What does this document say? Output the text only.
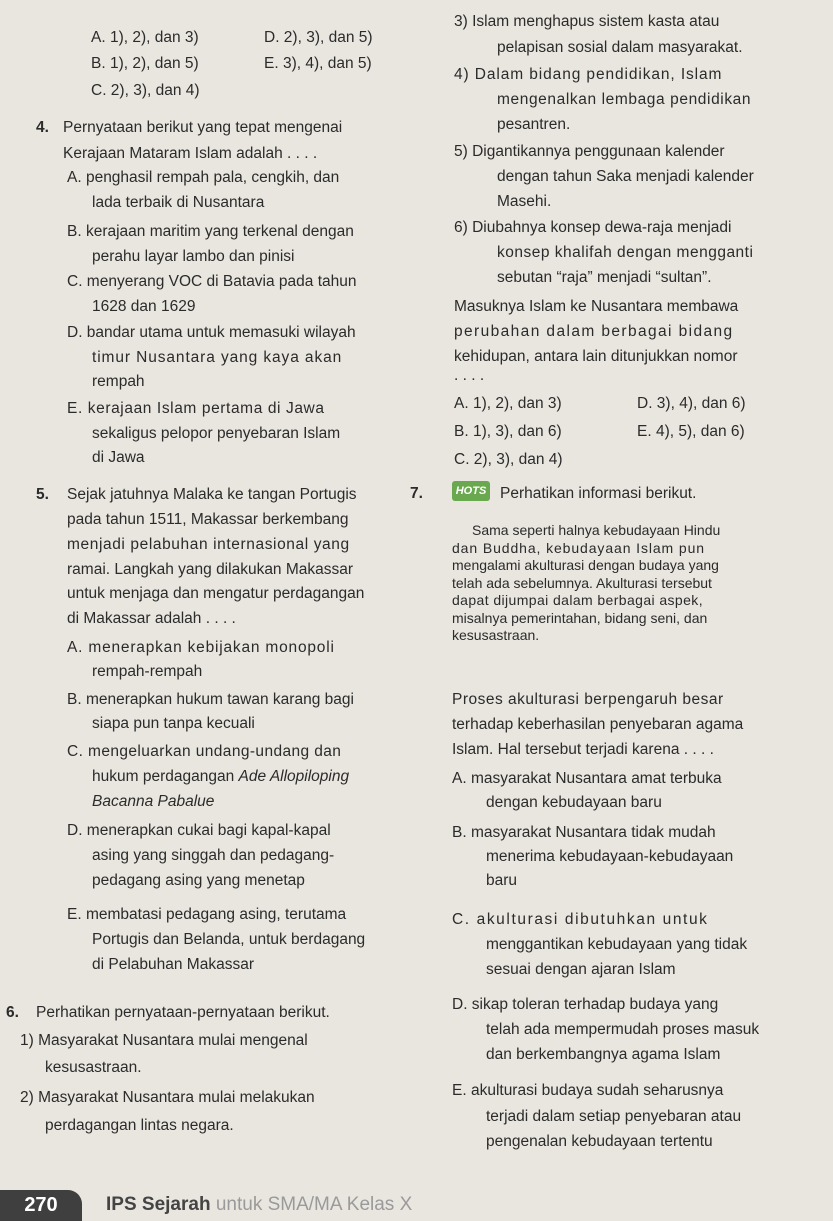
A. 1), 2), dan 3)	D. 2), 3), dan 5)
B. 1), 2), dan 5)	E. 3), 4), dan 5)
C. 2), 3), dan 4)
4. Pernyataan berikut yang tepat mengenai
Kerajaan Mataram Islam adalah . . . .
A. penghasil rempah pala, cengkih, dan
lada terbaik di Nusantara
B. kerajaan maritim yang terkenal dengan
perahu layar lambo dan pinisi
C. menyerang VOC di Batavia pada tahun
1628 dan 1629
D. bandar utama untuk memasuki wilayah
timur Nusantara yang kaya akan
rempah
E. kerajaan Islam pertama di Jawa
sekaligus pelopor penyebaran Islam
di Jawa
5. Sejak jatuhnya Malaka ke tangan Portugis
pada tahun 1511, Makassar berkembang
menjadi pelabuhan internasional yang
ramai. Langkah yang dilakukan Makassar
untuk menjaga dan mengatur perdagangan
di Makassar adalah . . . .
A. menerapkan kebijakan monopoli
rempah-rempah
B. menerapkan hukum tawan karang bagi
siapa pun tanpa kecuali
C. mengeluarkan undang-undang dan
hukum perdagangan Ade Allopiloping
Bacanna Pabalue
D. menerapkan cukai bagi kapal-kapal
asing yang singgah dan pedagang-
pedagang asing yang menetap
E. membatasi pedagang asing, terutama
Portugis dan Belanda, untuk berdagang
di Pelabuhan Makassar
6. Perhatikan pernyataan-pernyataan berikut.
1) Masyarakat Nusantara mulai mengenal
kesusastraan.
2) Masyarakat Nusantara mulai melakukan
perdagangan lintas negara.
3) Islam menghapus sistem kasta atau
pelapisan sosial dalam masyarakat.
4) Dalam bidang pendidikan, Islam
mengenalkan lembaga pendidikan
pesantren.
5) Digantikannya penggunaan kalender
dengan tahun Saka menjadi kalender
Masehi.
6) Diubahnya konsep dewa-raja menjadi
konsep khalifah dengan mengganti
sebutan “raja” menjadi “sultan”.
Masuknya Islam ke Nusantara membawa
perubahan dalam berbagai bidang
kehidupan, antara lain ditunjukkan nomor
. . . .
A. 1), 2), dan 3)	D. 3), 4), dan 6)
B. 1), 3), dan 6)	E. 4), 5), dan 6)
C. 2), 3), dan 4)
7.	HOTS Perhatikan informasi berikut.
Sama seperti halnya kebudayaan Hindu
dan Buddha, kebudayaan Islam pun
mengalami akulturasi dengan budaya yang
telah ada sebelumnya. Akulturasi tersebut
dapat dijumpai dalam berbagai aspek,
misalnya pemerintahan, bidang seni, dan
kesusastraan.
Proses akulturasi berpengaruh besar
terhadap keberhasilan penyebaran agama
Islam. Hal tersebut terjadi karena . . . .
A. masyarakat Nusantara amat terbuka
dengan kebudayaan baru
B. masyarakat Nusantara tidak mudah
menerima kebudayaan-kebudayaan
baru
C. akulturasi dibutuhkan untuk
menggantikan kebudayaan yang tidak
sesuai dengan ajaran Islam
D. sikap toleran terhadap budaya yang
telah ada mempermudah proses masuk
dan berkembangnya agama Islam
E. akulturasi budaya sudah seharusnya
terjadi dalam setiap penyebaran atau
pengenalan kebudayaan tertentu
270	IPS Sejarah untuk SMA/MA Kelas X
